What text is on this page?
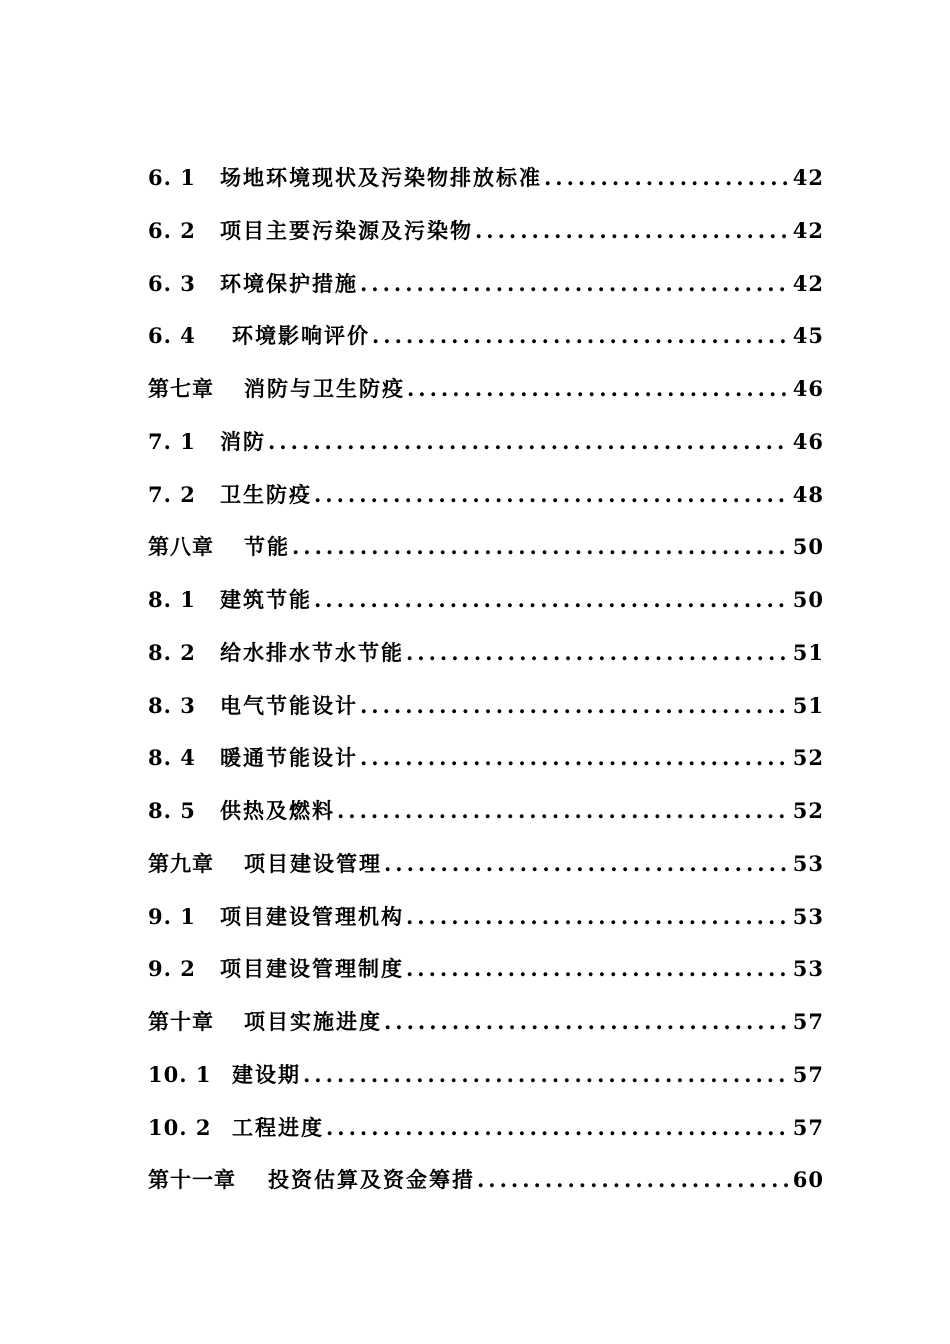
6. 1	场地环境现状及污染物排放标准 .....	42
6. 2	项目主要污染源及污染物 .....	42
6. 3	环境保护措施 .....	42
6. 4	环境影响评价 .....	45
第七章	消防与卫生防疫 .....	46
7. 1	消防 .....	46
7. 2	卫生防疫 .....	48
第八章	节能 .....	50
8. 1	建筑节能 .....	50
8. 2	给水排水节水节能 .....	51
8. 3	电气节能设计 .....	51
8. 4	暖通节能设计 .....	52
8. 5	供热及燃料 .....	52
第九章	项目建设管理 .....	53
9. 1	项目建设管理机构 .....	53
9. 2	项目建设管理制度 .....	53
第十章	项目实施进度 .....	57
10. 1 建设期 .....	57
10. 2 工程进度 .....	57
第十一章	投资估算及资金筹措 .....	60
